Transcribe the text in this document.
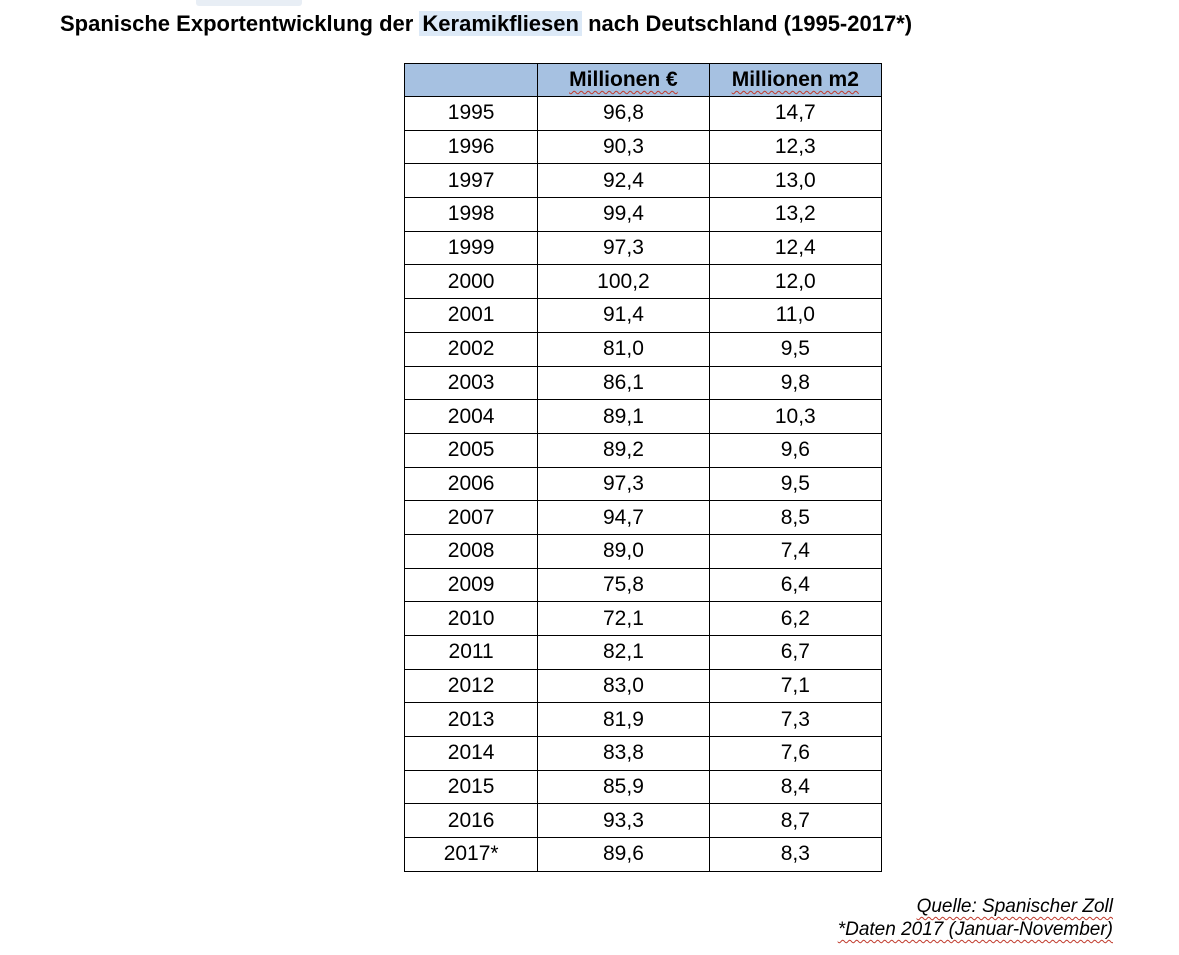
Spanische Exportentwicklung der Keramikfliesen nach Deutschland (1995-2017*)
	Millionen €	Millionen m2
1995	96,8	14,7
1996	90,3	12,3
1997	92,4	13,0
1998	99,4	13,2
1999	97,3	12,4
2000	100,2	12,0
2001	91,4	11,0
2002	81,0	9,5
2003	86,1	9,8
2004	89,1	10,3
2005	89,2	9,6
2006	97,3	9,5
2007	94,7	8,5
2008	89,0	7,4
2009	75,8	6,4
2010	72,1	6,2
2011	82,1	6,7
2012	83,0	7,1
2013	81,9	7,3
2014	83,8	7,6
2015	85,9	8,4
2016	93,3	8,7
2017*	89,6	8,3
Quelle: Spanischer Zoll
*Daten 2017 (Januar-November)
